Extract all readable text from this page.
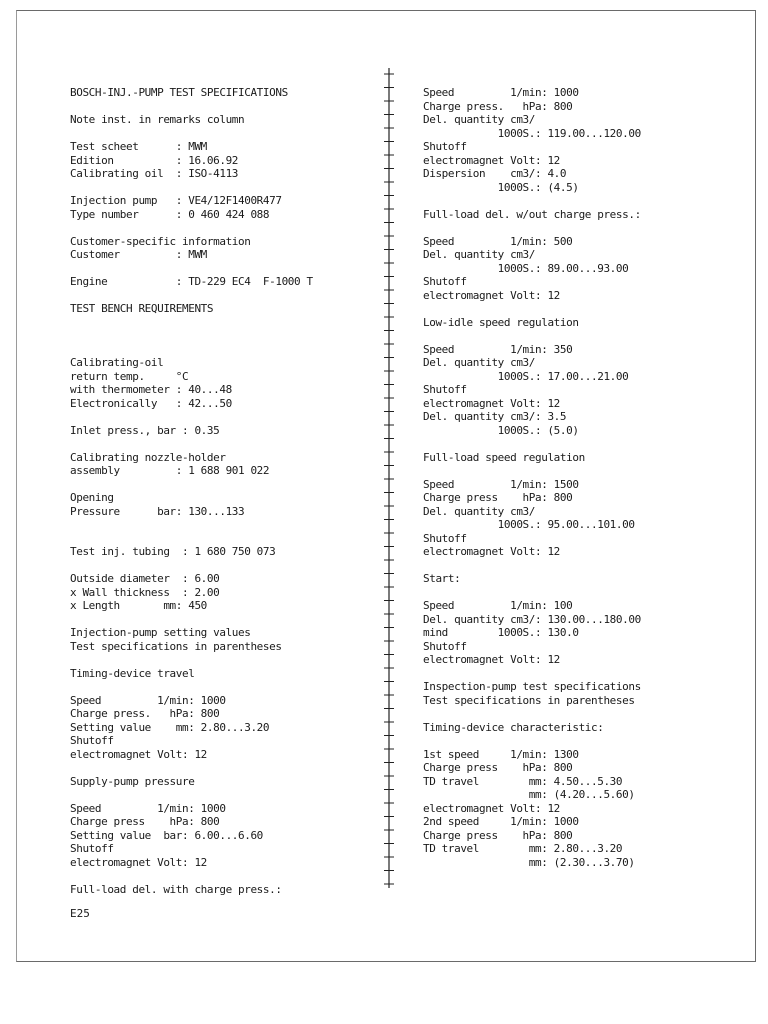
BOSCH-INJ.-PUMP TEST SPECIFICATIONS
Note inst. in remarks column
Test scheet      : MWM
Edition          : 16.06.92
Calibrating oil  : ISO-4113
Injection pump   : VE4/12F1400R477
Type number      : 0 460 424 088
Customer-specific information
Customer         : MWM
Engine           : TD-229 EC4  F-1000 T
TEST BENCH REQUIREMENTS
Calibrating-oil
return temp.     °C
with thermometer : 40...48
Electronically   : 42...50
Inlet press., bar : 0.35
Calibrating nozzle-holder
assembly         : 1 688 901 022
Opening
Pressure      bar: 130...133
Test inj. tubing  : 1 680 750 073
Outside diameter  : 6.00
x Wall thickness  : 2.00
x Length       mm: 450
Injection-pump setting values
Test specifications in parentheses
Timing-device travel
Speed         1/min: 1000
Charge press.   hPa: 800
Setting value    mm: 2.80...3.20
Shutoff
electromagnet Volt: 12
Supply-pump pressure
Speed         1/min: 1000
Charge press    hPa: 800
Setting value  bar: 6.00...6.60
Shutoff
electromagnet Volt: 12
Full-load del. with charge press.:
Speed         1/min: 1000
Charge press.   hPa: 800
Del. quantity cm3/
1000S.: 119.00...120.00
Shutoff
electromagnet Volt: 12
Dispersion    cm3/: 4.0
1000S.: (4.5)
Full-load del. w/out charge press.:
Speed         1/min: 500
Del. quantity cm3/
1000S.: 89.00...93.00
Shutoff
electromagnet Volt: 12
Low-idle speed regulation
Speed         1/min: 350
Del. quantity cm3/
1000S.: 17.00...21.00
Shutoff
electromagnet Volt: 12
Del. quantity cm3/: 3.5
1000S.: (5.0)
Full-load speed regulation
Speed         1/min: 1500
Charge press    hPa: 800
Del. quantity cm3/
1000S.: 95.00...101.00
Shutoff
electromagnet Volt: 12
Start:
Speed         1/min: 100
Del. quantity cm3/: 130.00...180.00
mind        1000S.: 130.0
Shutoff
electromagnet Volt: 12
Inspection-pump test specifications
Test specifications in parentheses
Timing-device characteristic:
1st speed     1/min: 1300
Charge press    hPa: 800
TD travel        mm: 4.50...5.30
mm: (4.20...5.60)
electromagnet Volt: 12
2nd speed     1/min: 1000
Charge press    hPa: 800
TD travel        mm: 2.80...3.20
mm: (2.30...3.70)
E25
